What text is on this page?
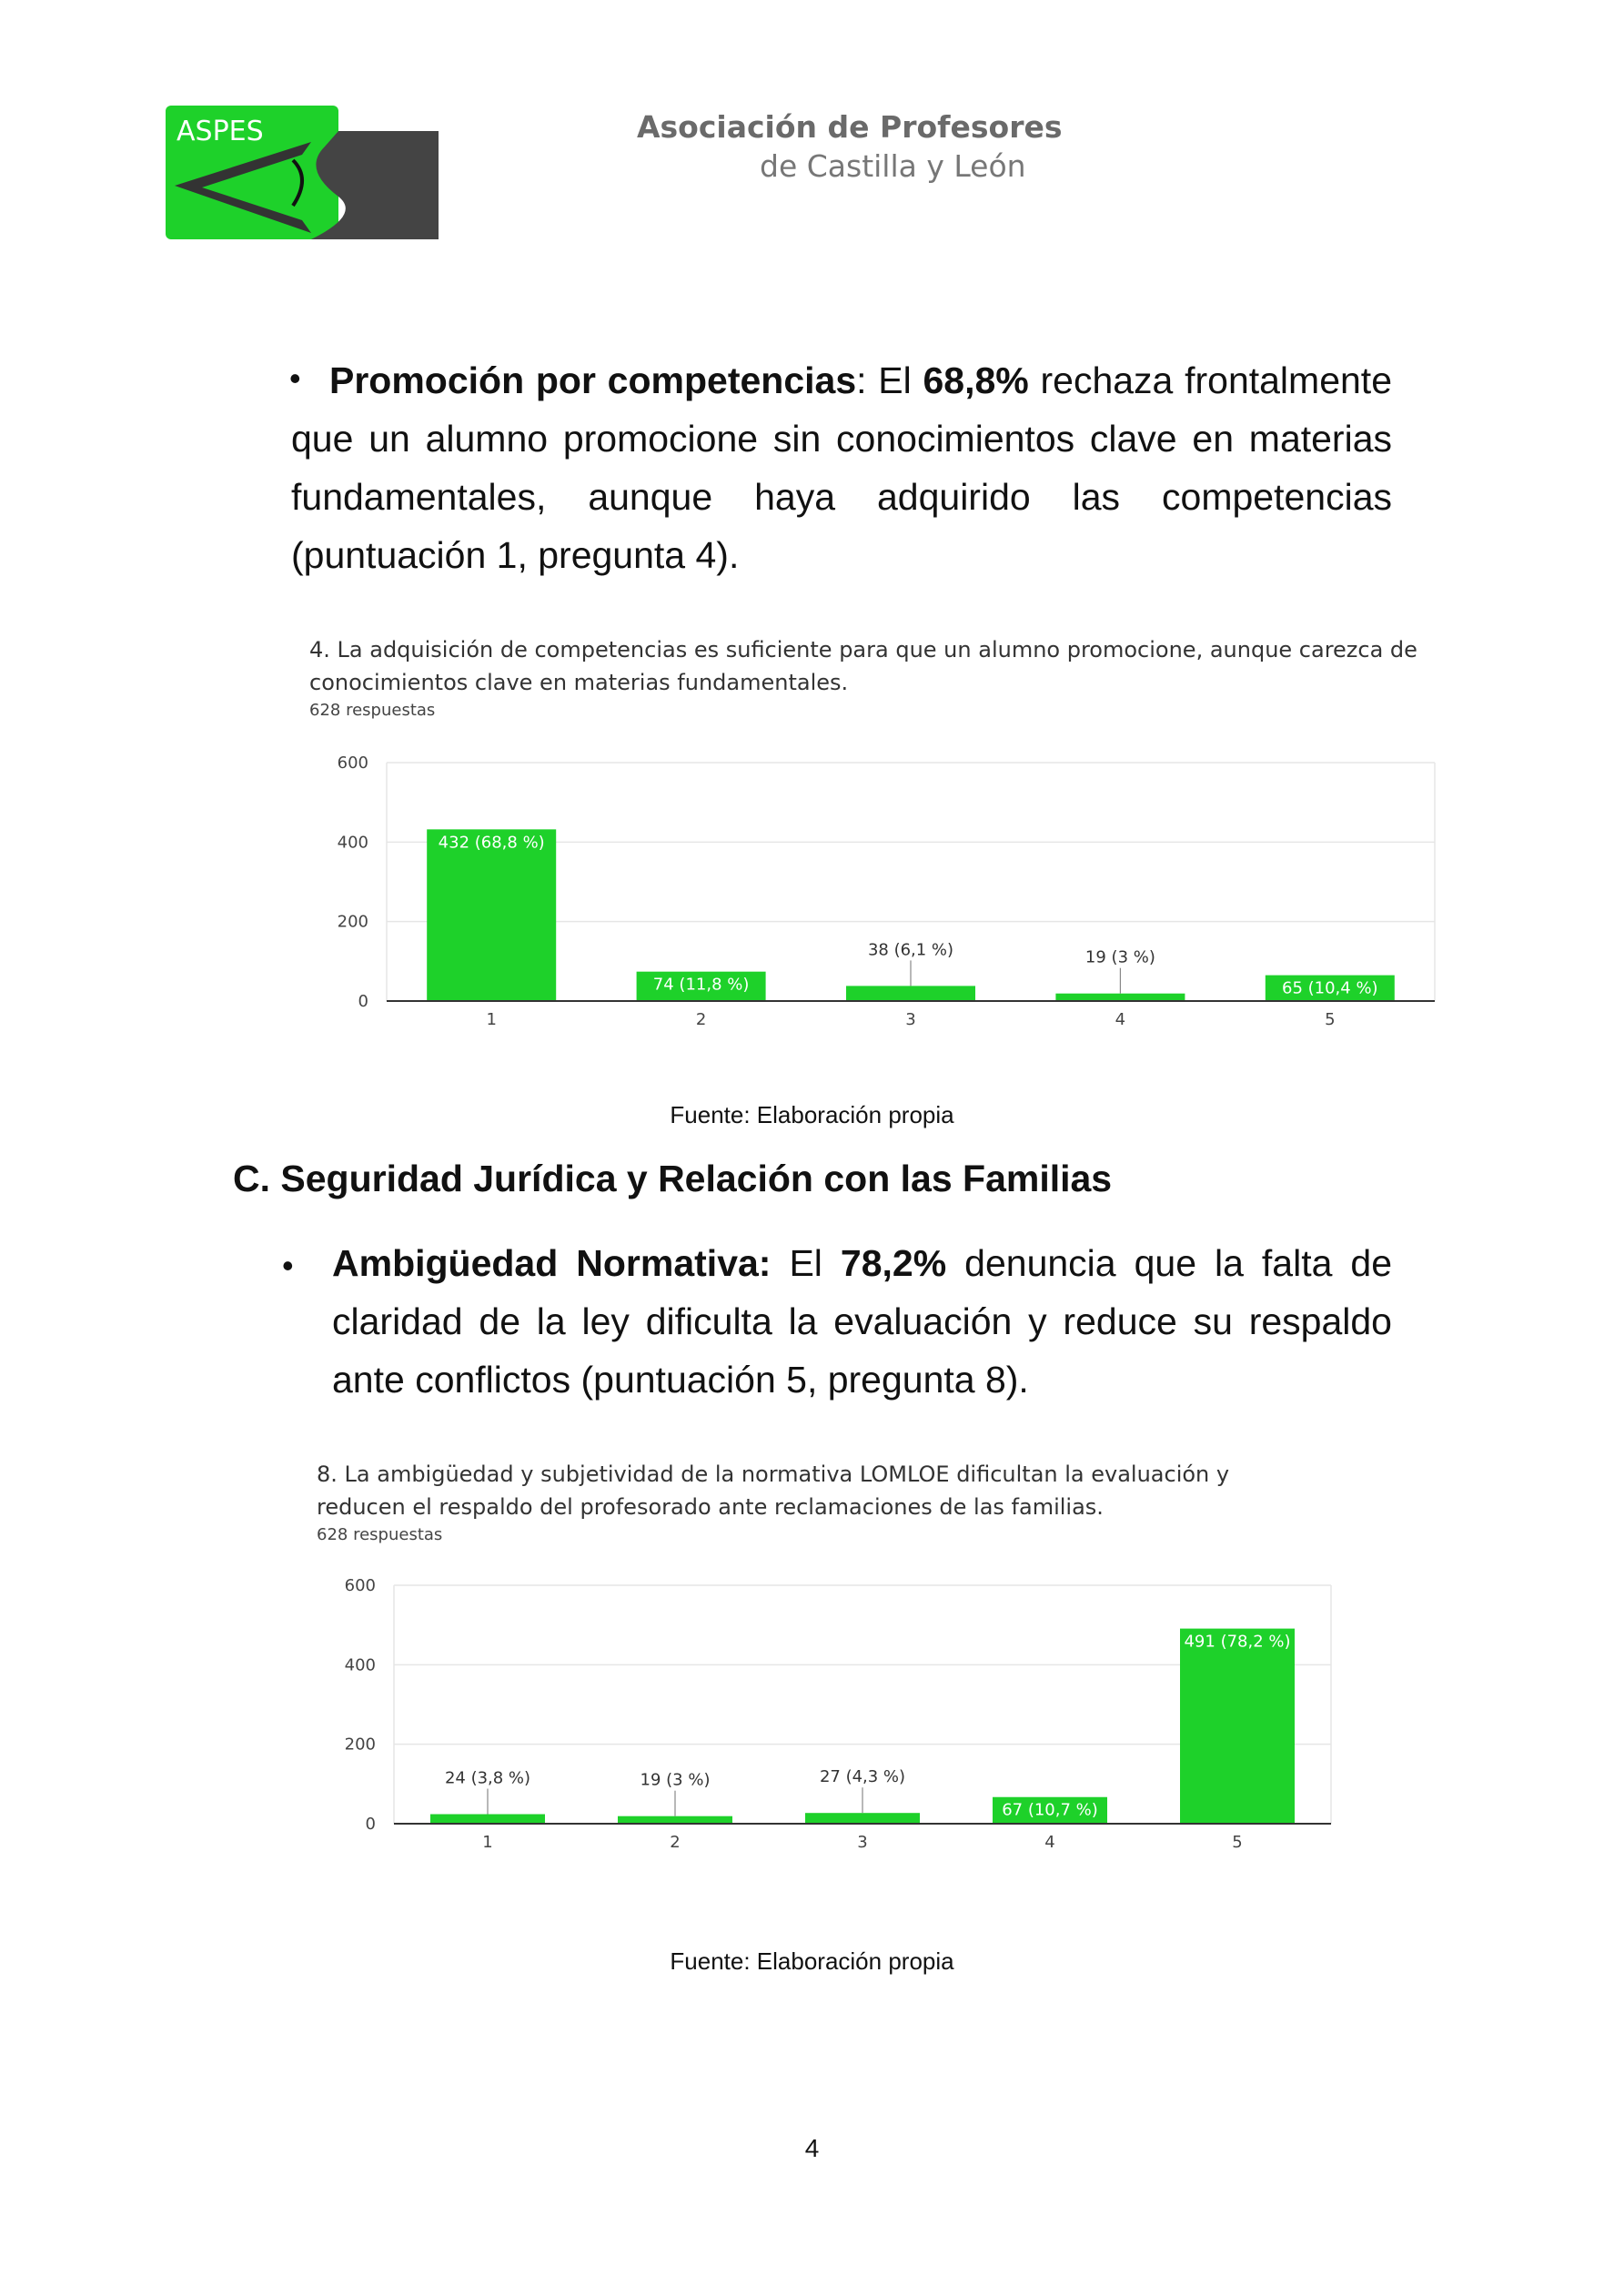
ASPES	Asociación de Profesores
de Castilla y León
• Promoción por competencias: El 68,8% rechaza frontalmente que un alumno promocione sin conocimientos clave en materias fundamentales, aunque haya adquirido las competencias (puntuación 1, pregunta 4).
4. La adquisición de competencias es suficiente para que un alumno promocione, aunque carezca de conocimientos clave en materias fundamentales.
628 respuestas
0
200
400
600
432 (68,8 %)
1
74 (11,8 %)
2
38 (6,1 %)
3
19 (3 %)
4
65 (10,4 %)
5
Fuente: Elaboración propia
C. Seguridad Jurídica y Relación con las Familias
• Ambigüedad Normativa: El 78,2% denuncia que la falta de claridad de la ley dificulta la evaluación y reduce su respaldo ante conflictos (puntuación 5, pregunta 8).
8. La ambigüedad y subjetividad de la normativa LOMLOE dificultan la evaluación y reducen el respaldo del profesorado ante reclamaciones de las familias.
628 respuestas
0
200
400
600
24 (3,8 %)
1
19 (3 %)
2
27 (4,3 %)
3
67 (10,7 %)
4
491 (78,2 %)
5
Fuente: Elaboración propia
4
